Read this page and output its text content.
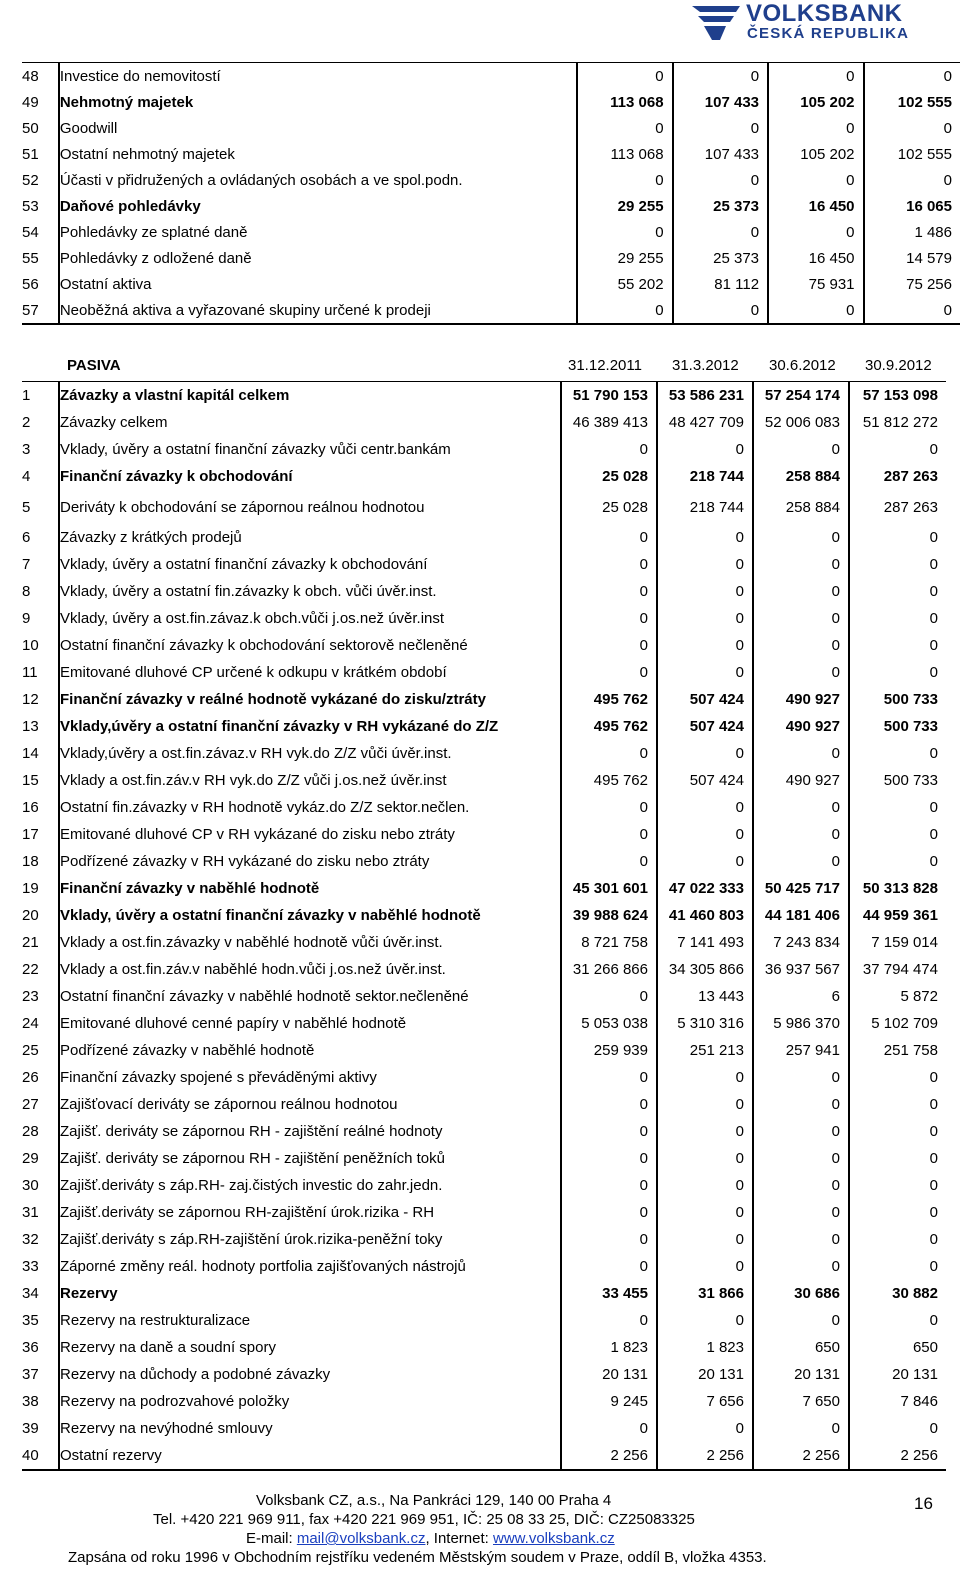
VOLKSBANK
ČESKÁ REPUBLIKA
48	Investice do nemovitostí	0	0	0	0
49	Nehmotný majetek	113 068	107 433	105 202	102 555
50	Goodwill	0	0	0	0
51	Ostatní nehmotný majetek	113 068	107 433	105 202	102 555
52	Účasti v přidružených a ovládaných osobách a ve spol.podn.	0	0	0	0
53	Daňové pohledávky	29 255	25 373	16 450	16 065
54	Pohledávky ze splatné daně	0	0	0	1 486
55	Pohledávky z odložené daně	29 255	25 373	16 450	14 579
56	Ostatní aktiva	55 202	81 112	75 931	75 256
57	Neoběžná aktiva a vyřazované skupiny určené k prodeji	0	0	0	0
PASIVA	31.12.2011 31.3.2012 30.6.2012 30.9.2012
1	Závazky a vlastní kapitál celkem	51 790 153	53 586 231	57 254 174	57 153 098
2	Závazky celkem	46 389 413	48 427 709	52 006 083	51 812 272
3	Vklady, úvěry a ostatní finanční závazky vůči centr.bankám	0	0	0	0
4	Finanční závazky k obchodování	25 028	218 744	258 884	287 263
5	Deriváty k obchodování se zápornou reálnou hodnotou	25 028	218 744	258 884	287 263
6	Závazky z krátkých prodejů	0	0	0	0
7	Vklady, úvěry a ostatní finanční závazky k obchodování	0	0	0	0
8	Vklady, úvěry a ostatní fin.závazky k obch. vůči úvěr.inst.	0	0	0	0
9	Vklady, úvěry a ost.fin.závaz.k obch.vůči j.os.než úvěr.inst	0	0	0	0
10	Ostatní finanční závazky k obchodování sektorově nečleněné	0	0	0	0
11	Emitované dluhové CP určené k odkupu v krátkém období	0	0	0	0
12	Finanční závazky v reálné hodnotě vykázané do zisku/ztráty	495 762	507 424	490 927	500 733
13	Vklady,úvěry a ostatní finanční závazky v RH vykázané do Z/Z	495 762	507 424	490 927	500 733
14	Vklady,úvěry a ost.fin.závaz.v RH vyk.do Z/Z vůči úvěr.inst.	0	0	0	0
15	Vklady a ost.fin.záv.v RH vyk.do Z/Z vůči j.os.než úvěr.inst	495 762	507 424	490 927	500 733
16	Ostatní fin.závazky v RH hodnotě vykáz.do Z/Z sektor.nečlen.	0	0	0	0
17	Emitované dluhové CP v RH vykázané do zisku nebo ztráty	0	0	0	0
18	Podřízené závazky v RH vykázané do zisku nebo ztráty	0	0	0	0
19	Finanční závazky v naběhlé hodnotě	45 301 601	47 022 333	50 425 717	50 313 828
20	Vklady, úvěry a ostatní finanční závazky v naběhlé hodnotě	39 988 624	41 460 803	44 181 406	44 959 361
21	Vklady a ost.fin.závazky v naběhlé hodnotě vůči úvěr.inst.	8 721 758	7 141 493	7 243 834	7 159 014
22	Vklady a ost.fin.záv.v naběhlé hodn.vůči j.os.než úvěr.inst.	31 266 866	34 305 866	36 937 567	37 794 474
23	Ostatní finanční závazky v naběhlé hodnotě sektor.nečleněné	0	13 443	6	5 872
24	Emitované dluhové cenné papíry v naběhlé hodnotě	5 053 038	5 310 316	5 986 370	5 102 709
25	Podřízené závazky v naběhlé hodnotě	259 939	251 213	257 941	251 758
26	Finanční závazky spojené s převáděnými aktivy	0	0	0	0
27	Zajišťovací deriváty se zápornou reálnou hodnotou	0	0	0	0
28	Zajišť. deriváty se zápornou RH - zajištění reálné hodnoty	0	0	0	0
29	Zajišť. deriváty se zápornou RH - zajištění peněžních toků	0	0	0	0
30	Zajišť.deriváty s záp.RH- zaj.čistých investic do zahr.jedn.	0	0	0	0
31	Zajišť.deriváty se zápornou RH-zajištění úrok.rizika - RH	0	0	0	0
32	Zajišť.deriváty s záp.RH-zajištění úrok.rizika-peněžní toky	0	0	0	0
33	Záporné změny reál. hodnoty portfolia zajišťovaných nástrojů	0	0	0	0
34	Rezervy	33 455	31 866	30 686	30 882
35	Rezervy na restrukturalizace	0	0	0	0
36	Rezervy na daně a soudní spory	1 823	1 823	650	650
37	Rezervy na důchody a podobné závazky	20 131	20 131	20 131	20 131
38	Rezervy na podrozvahové položky	9 245	7 656	7 650	7 846
39	Rezervy na nevýhodné smlouvy	0	0	0	0
40	Ostatní rezervy	2 256	2 256	2 256	2 256
Volksbank CZ, a.s., Na Pankráci 129, 140 00 Praha 4
Tel. +420 221 969 911, fax +420 221 969 951, IČ: 25 08 33 25, DIČ: CZ25083325
E-mail: mail@volksbank.cz, Internet: www.volksbank.cz
Zapsána od roku 1996 v Obchodním rejstříku vedeném Městským soudem v Praze, oddíl B, vložka 4353.
16
